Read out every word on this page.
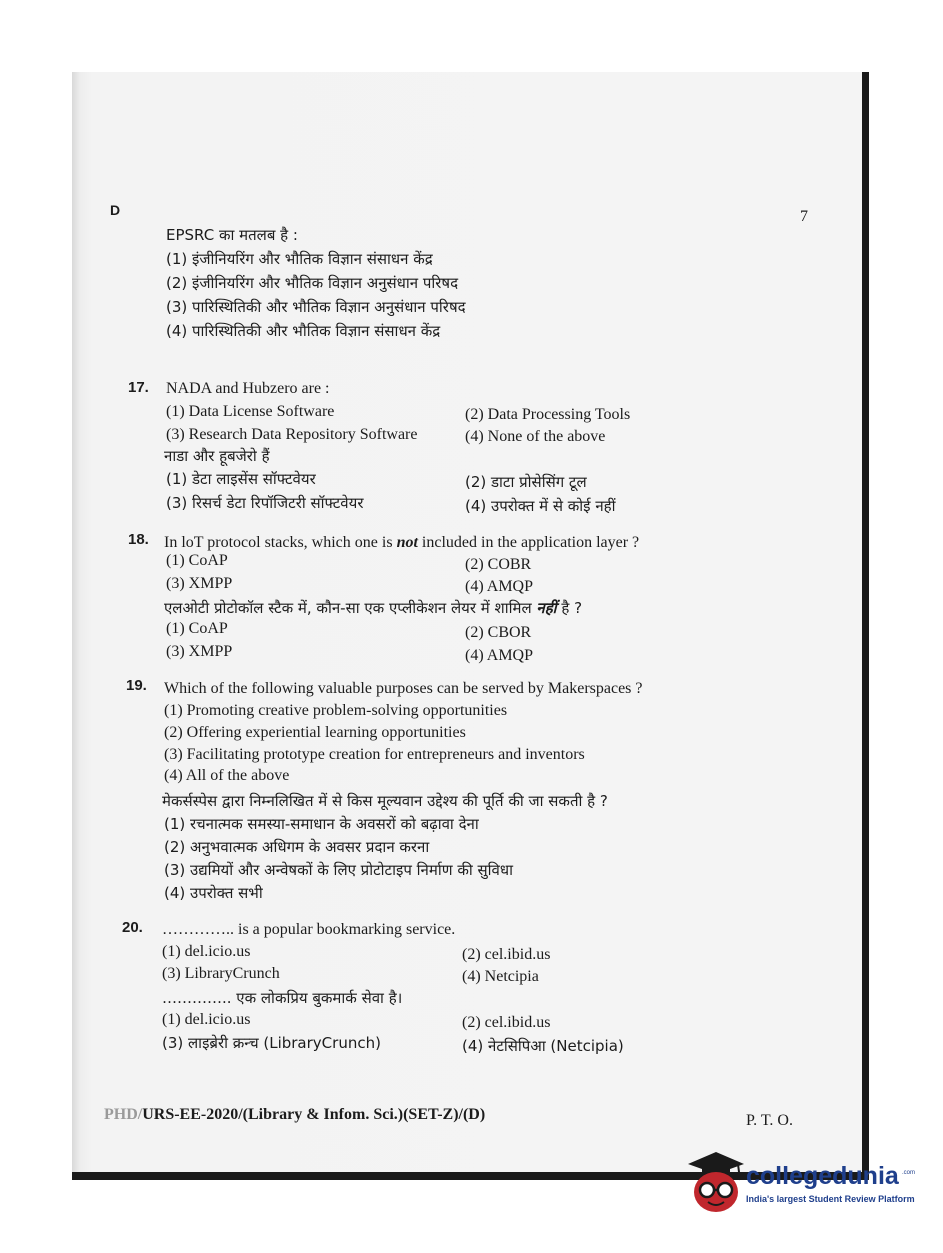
D	7
EPSRC का मतलब है :
(1) इंजीनियरिंग और भौतिक विज्ञान संसाधन केंद्र
(2) इंजीनियरिंग और भौतिक विज्ञान अनुसंधान परिषद
(3) पारिस्थितिकी और भौतिक विज्ञान अनुसंधान परिषद
(4) पारिस्थितिकी और भौतिक विज्ञान संसाधन केंद्र
17. NADA and Hubzero are :
(1) Data License Software	(2) Data Processing Tools
(3) Research Data Repository Software	(4) None of the above
नाडा और हूबजेरो हैं
(1) डेटा लाइसेंस सॉफ्टवेयर	(2) डाटा प्रोसेसिंग टूल
(3) रिसर्च डेटा रिपॉजिटरी सॉफ्टवेयर	(4) उपरोक्त में से कोई नहीं
18. In loT protocol stacks, which one is not included in the application layer ?
(1) CoAP	(2) COBR
(3) XMPP	(4) AMQP
एलओटी प्रोटोकॉल स्टैक में, कौन-सा एक एप्लीकेशन लेयर में शामिल नहीं है ?
(1) CoAP	(2) CBOR
(3) XMPP	(4) AMQP
19. Which of the following valuable purposes can be served by Makerspaces ?
(1) Promoting creative problem-solving opportunities
(2) Offering experiential learning opportunities
(3) Facilitating prototype creation for entrepreneurs and inventors
(4) All of the above
मेकर्सस्पेस द्वारा निम्नलिखित में से किस मूल्यवान उद्देश्य की पूर्ति की जा सकती है ?
(1) रचनात्मक समस्या-समाधान के अवसरों को बढ़ावा देना
(2) अनुभवात्मक अधिगम के अवसर प्रदान करना
(3) उद्यमियों और अन्वेषकों के लिए प्रोटोटाइप निर्माण की सुविधा
(4) उपरोक्त सभी
20. ………….. is a popular bookmarking service.
(1) del.icio.us	(2) cel.ibid.us
(3) LibraryCrunch	(4) Netcipia
………….. एक लोकप्रिय बुकमार्क सेवा है।
(1) del.icio.us	(2) cel.ibid.us
(3) लाइब्रेरी क्रन्च (LibraryCrunch)	(4) नेटसिपिआ (Netcipia)
PHD/URS-EE-2020/(Library & Infom. Sci.)(SET-Z)/(D)	P. T. O.
collegedunia .com
India's largest Student Review Platform
